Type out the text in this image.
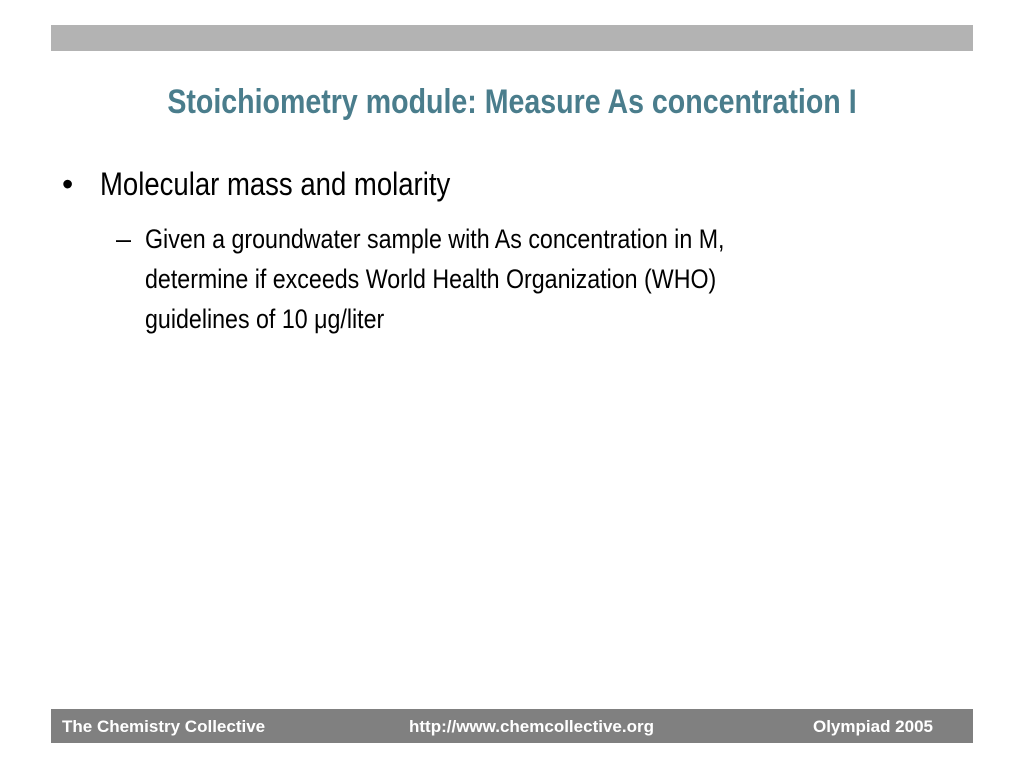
Stoichiometry module: Measure As concentration I
• Molecular mass and molarity
– Given a groundwater sample with As concentration in M,
determine if exceeds World Health Organization (WHO)
guidelines of 10 μg/liter
The Chemistry Collective	http://www.chemcollective.org	Olympiad 2005
